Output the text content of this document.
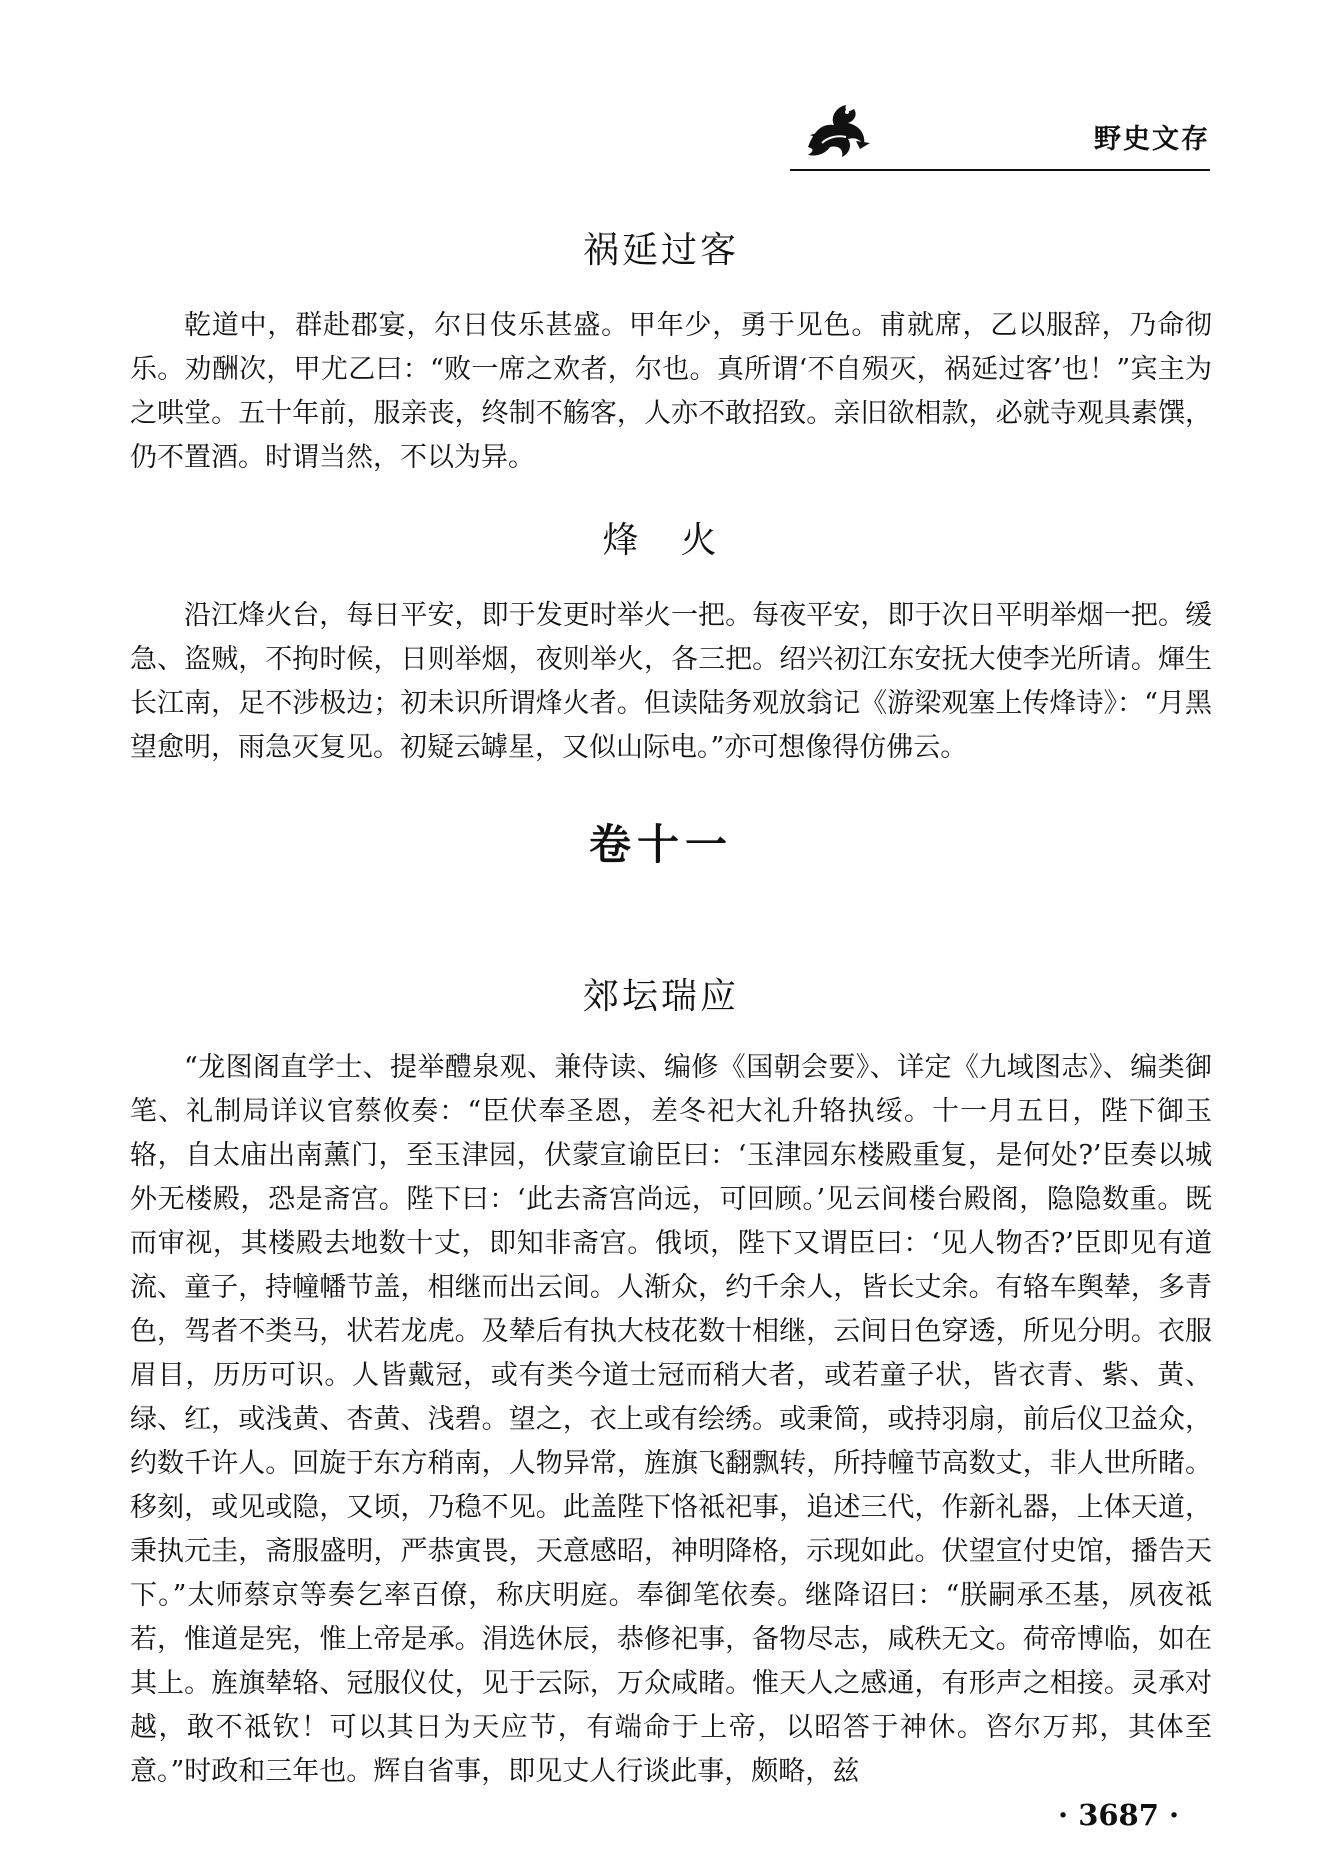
野史文存
祸延过客
乾道中，群赴郡宴，尔日伎乐甚盛。甲年少，勇于见色。甫就席，乙以服辞，乃命彻乐。劝酬次，甲尤乙曰：“败一席之欢者，尔也。真所谓‘不自殒灭，祸延过客’也！”宾主为之哄堂。五十年前，服亲丧，终制不觞客，人亦不敢招致。亲旧欲相款，必就寺观具素馔，仍不置酒。时谓当然，不以为异。
烽　火
沿江烽火台，每日平安，即于发更时举火一把。每夜平安，即于次日平明举烟一把。缓急、盗贼，不拘时候，日则举烟，夜则举火，各三把。绍兴初江东安抚大使李光所请。煇生长江南，足不涉极边；初未识所谓烽火者。但读陆务观放翁记《游梁观塞上传烽诗》：“月黑望愈明，雨急灭复见。初疑云罅星，又似山际电。”亦可想像得仿佛云。
卷十一
郊坛瑞应
“龙图阁直学士、提举醴泉观、兼侍读、编修《国朝会要》、详定《九域图志》、编类御笔、礼制局详议官蔡攸奏：“臣伏奉圣恩，差冬祀大礼升辂执绥。十一月五日，陛下御玉辂，自太庙出南薰门，至玉津园，伏蒙宣谕臣曰：‘玉津园东楼殿重复，是何处?’臣奏以城外无楼殿，恐是斋宫。陛下曰：‘此去斋宫尚远，可回顾。’见云间楼台殿阁，隐隐数重。既而审视，其楼殿去地数十丈，即知非斋宫。俄顷，陛下又谓臣曰：‘见人物否?’臣即见有道流、童子，持幢幡节盖，相继而出云间。人渐众，约千余人，皆长丈余。有辂车舆辇，多青色，驾者不类马，状若龙虎。及辇后有执大枝花数十相继，云间日色穿透，所见分明。衣服眉目，历历可识。人皆戴冠，或有类今道士冠而稍大者，或若童子状，皆衣青、紫、黄、绿、红，或浅黄、杏黄、浅碧。望之，衣上或有绘绣。或秉简，或持羽扇，前后仪卫益众，约数千许人。回旋于东方稍南，人物异常，旌旗飞翻飘转，所持幢节高数丈，非人世所睹。移刻，或见或隐，又顷，乃稳不见。此盖陛下恪祗祀事，追述三代，作新礼器，上体天道，秉执元圭，斋服盛明，严恭寅畏，天意感昭，神明降格，示现如此。伏望宣付史馆，播告天下。”太师蔡京等奏乞率百僚，称庆明庭。奉御笔依奏。继降诏曰：“朕嗣承丕基，夙夜祗若，惟道是宪，惟上帝是承。涓选休辰，恭修祀事，备物尽志，咸秩无文。荷帝博临，如在其上。旌旗辇辂、冠服仪仗，见于云际，万众咸睹。惟天人之感通，有形声之相接。灵承对越，敢不祗钦！可以其日为天应节，有端命于上帝，以昭答于神休。咨尔万邦，其体至意。”时政和三年也。辉自省事，即见丈人行谈此事，颇略，兹
· 3687 ·
